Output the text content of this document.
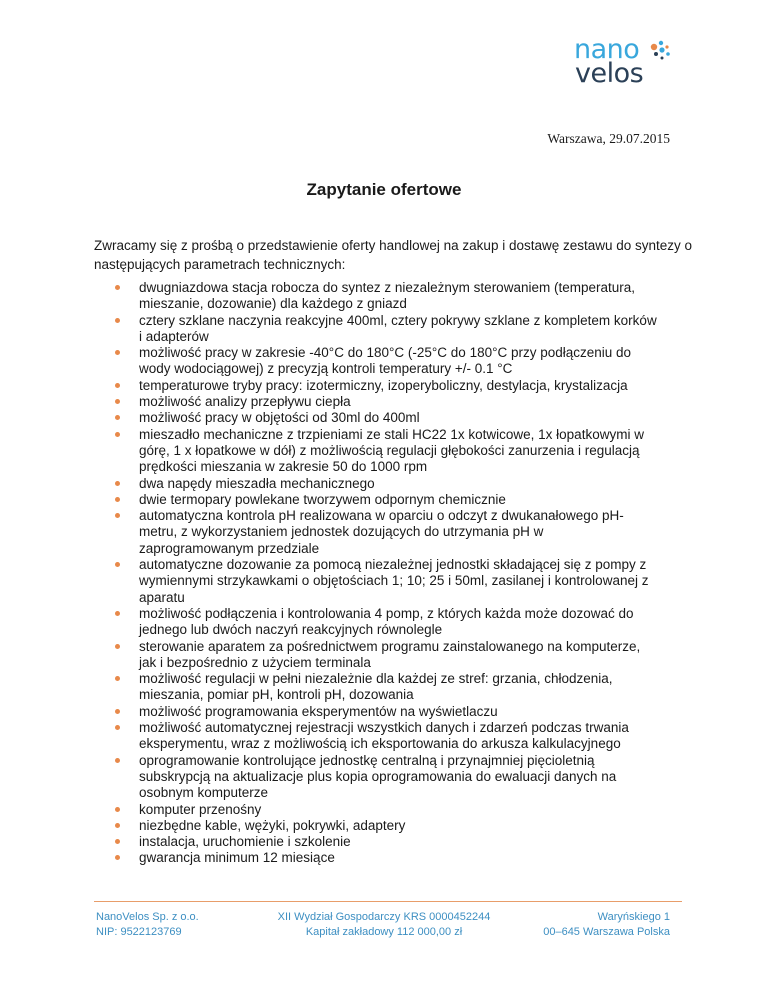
nano
velos
Warszawa, 29.07.2015
Zapytanie ofertowe

Zwracamy się z prośbą o przedstawienie oferty handlowej na zakup i dostawę zestawu do syntezy o następujących parametrach technicznych:

dwugniazdowa stacja robocza do syntez z niezależnym sterowaniem (temperatura,
mieszanie, dozowanie) dla każdego z gniazd
cztery szklane naczynia reakcyjne 400ml, cztery pokrywy szklane z kompletem korków
i adapterów
możliwość pracy w zakresie -40°C do 180°C (-25°C do 180°C przy podłączeniu do
wody wodociągowej) z precyzją kontroli temperatury +/- 0.1 °C
temperaturowe tryby pracy: izotermiczny, izoperyboliczny, destylacja, krystalizacja
możliwość analizy przepływu ciepła
możliwość pracy w objętości od 30ml do 400ml
mieszadło mechaniczne z trzpieniami ze stali HC22 1x kotwicowe, 1x łopatkowymi w
górę, 1 x łopatkowe w dół) z możliwością regulacji głębokości zanurzenia i regulacją
prędkości mieszania w zakresie 50 do 1000 rpm
dwa napędy mieszadła mechanicznego
dwie termopary powlekane tworzywem odpornym chemicznie
automatyczna kontrola pH realizowana w oparciu o odczyt z dwukanałowego pH-
metru, z wykorzystaniem jednostek dozujących do utrzymania pH w
zaprogramowanym przedziale
automatyczne dozowanie za pomocą niezależnej jednostki składającej się z pompy z
wymiennymi strzykawkami o objętościach 1; 10; 25 i 50ml, zasilanej i kontrolowanej z
aparatu
możliwość podłączenia i kontrolowania 4 pomp, z których każda może dozować do
jednego lub dwóch naczyń reakcyjnych równolegle
sterowanie aparatem za pośrednictwem programu zainstalowanego na komputerze,
jak i bezpośrednio z użyciem terminala
możliwość regulacji w pełni niezależnie dla każdej ze stref: grzania, chłodzenia,
mieszania, pomiar pH, kontroli pH, dozowania
możliwość programowania eksperymentów na wyświetlaczu
możliwość automatycznej rejestracji wszystkich danych i zdarzeń podczas trwania
eksperymentu, wraz z możliwością ich eksportowania do arkusza kalkulacyjnego
oprogramowanie kontrolujące jednostkę centralną i przynajmniej pięcioletnią
subskrypcją na aktualizacje plus kopia oprogramowania do ewaluacji danych na
osobnym komputerze
komputer przenośny
niezbędne kable, wężyki, pokrywki, adaptery
instalacja, uruchomienie i szkolenie
gwarancja minimum 12 miesiące
NanoVelos Sp. z o.o.
NIP: 9522123769
XII Wydział Gospodarczy KRS 0000452244
Kapitał zakładowy 112 000,00 zł
Waryńskiego 1
00–645 Warszawa Polska
